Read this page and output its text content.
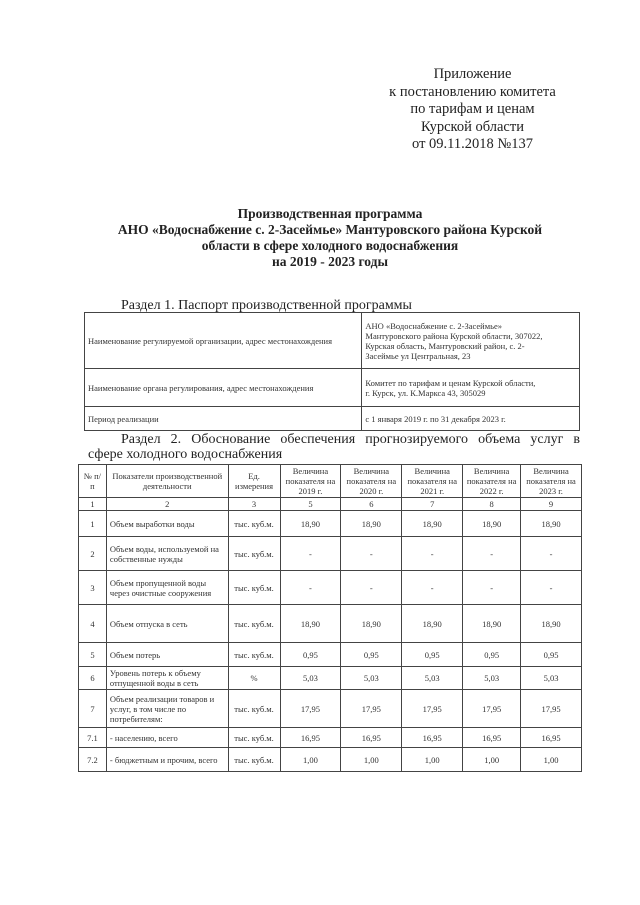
Приложение
к постановлению комитета
по тарифам и ценам
Курской области
от 09.11.2018 №137
Производственная программа
АНО «Водоснабжение с. 2-Засеймье» Мантуровского района Курской
области в сфере холодного водоснабжения
на 2019 - 2023 годы
Раздел 1. Паспорт производственной программы
Наименование регулируемой организации, адрес местонахождения	АНО «Водоснабжение с. 2-Засеймье»
Мантуровского района Курской области, 307022,
Курская область, Мантуровский район, с. 2-
Засеймье ул Центральная, 23

Наименование органа регулирования, адрес местонахождения	Комитет по тарифам и ценам Курской области,
г. Курск, ул. К.Маркса 43, 305029

Период реализации	с 1 января 2019 г. по 31 декабря 2023 г.
Раздел 2. Обоснование обеспечения прогнозируемого объема услуг в
сфере холодного водоснабжения
№ п/п	Показатели производственной деятельности	Ед. измерения	Величина показателя на 2019 г.	Величина показателя на 2020 г.	Величина показателя на 2021 г.	Величина показателя на 2022 г.	Величина показателя на 2023 г.
1	2	3	5	6	7	8	9
1	Объем выработки воды	тыс. куб.м.	18,90	18,90	18,90	18,90	18,90
2	Объем воды, используемой на собственные нужды	тыс. куб.м.	-	-	-	-	-
3	Объем пропущенной воды через очистные сооружения	тыс. куб.м.	-	-	-	-	-
4	Объем отпуска в сеть	тыс. куб.м.	18,90	18,90	18,90	18,90	18,90
5	Объем потерь	тыс. куб.м.	0,95	0,95	0,95	0,95	0,95
6	Уровень потерь к объему отпущенной воды в сеть	%	5,03	5,03	5,03	5,03	5,03
7	Объем реализации товаров и услуг, в том числе по потребителям:	тыс. куб.м.	17,95	17,95	17,95	17,95	17,95
7.1	- населению, всего	тыс. куб.м.	16,95	16,95	16,95	16,95	16,95
7.2	- бюджетным и прочим, всего	тыс. куб.м.	1,00	1,00	1,00	1,00	1,00
